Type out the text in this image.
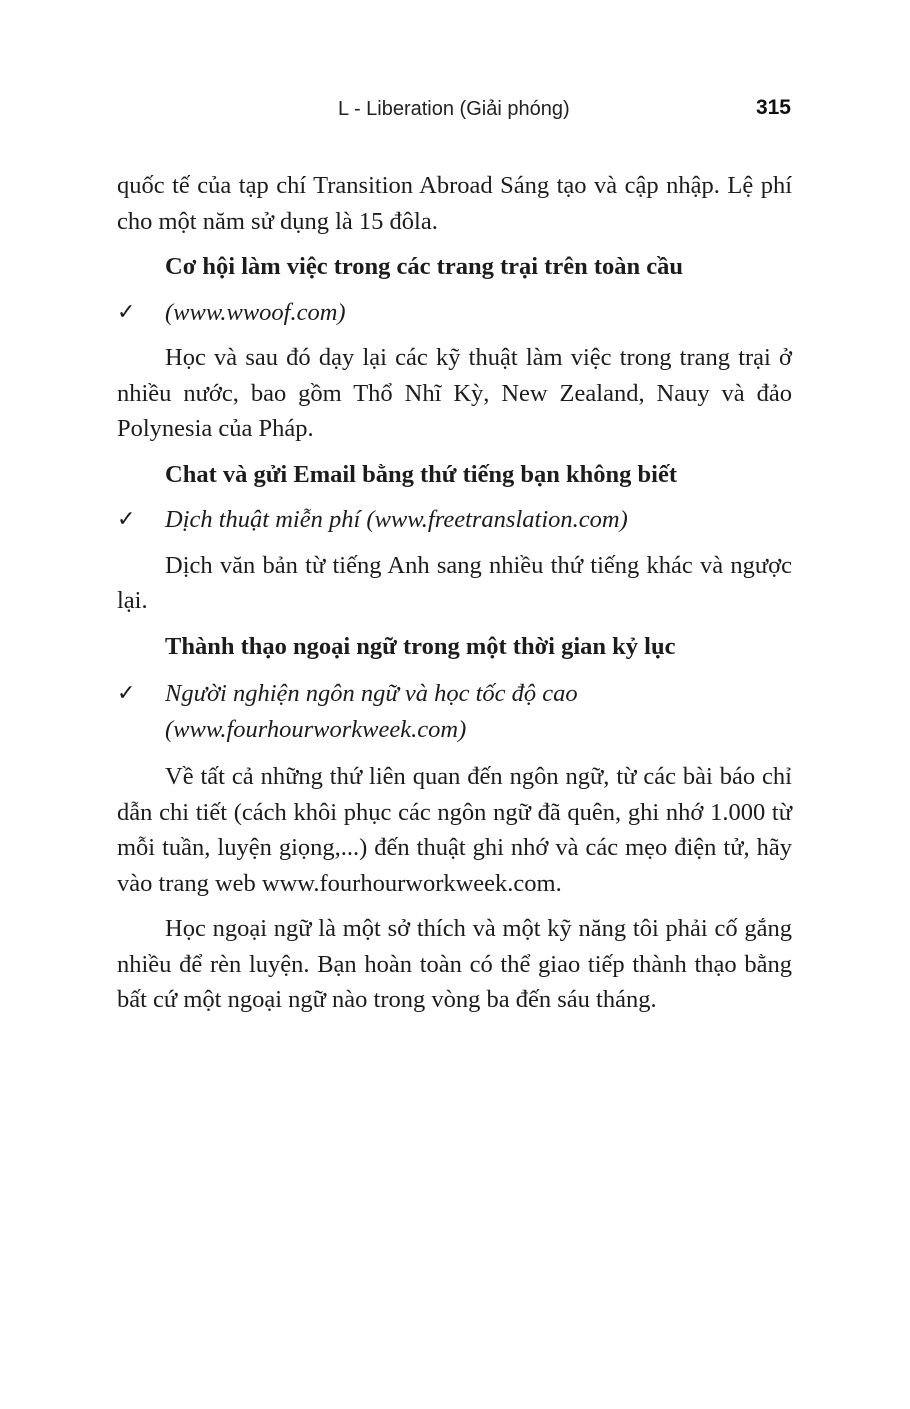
L - Liberation (Giải phóng)	315

quốc tế của tạp chí Transition Abroad Sáng tạo và cập nhập. Lệ phí cho một năm sử dụng là 15 đôla.

Cơ hội làm việc trong các trang trại trên toàn cầu

✓ (www.wwoof.com)

Học và sau đó dạy lại các kỹ thuật làm việc trong trang trại ở nhiều nước, bao gồm Thổ Nhĩ Kỳ, New Zealand, Nauy và đảo Polynesia của Pháp.

Chat và gửi Email bằng thứ tiếng bạn không biết

✓ Dịch thuật miễn phí (www.freetranslation.com)

Dịch văn bản từ tiếng Anh sang nhiều thứ tiếng khác và ngược lại.

Thành thạo ngoại ngữ trong một thời gian kỷ lục

✓ Người nghiện ngôn ngữ và học tốc độ cao
(www.fourhourworkweek.com)

Về tất cả những thứ liên quan đến ngôn ngữ, từ các bài báo chỉ dẫn chi tiết (cách khôi phục các ngôn ngữ đã quên, ghi nhớ 1.000 từ mỗi tuần, luyện giọng,...) đến thuật ghi nhớ và các mẹo điện tử, hãy vào trang web www.fourhourworkweek.com.

Học ngoại ngữ là một sở thích và một kỹ năng tôi phải cố gắng nhiều để rèn luyện. Bạn hoàn toàn có thể giao tiếp thành thạo bằng bất cứ một ngoại ngữ nào trong vòng ba đến sáu tháng.
